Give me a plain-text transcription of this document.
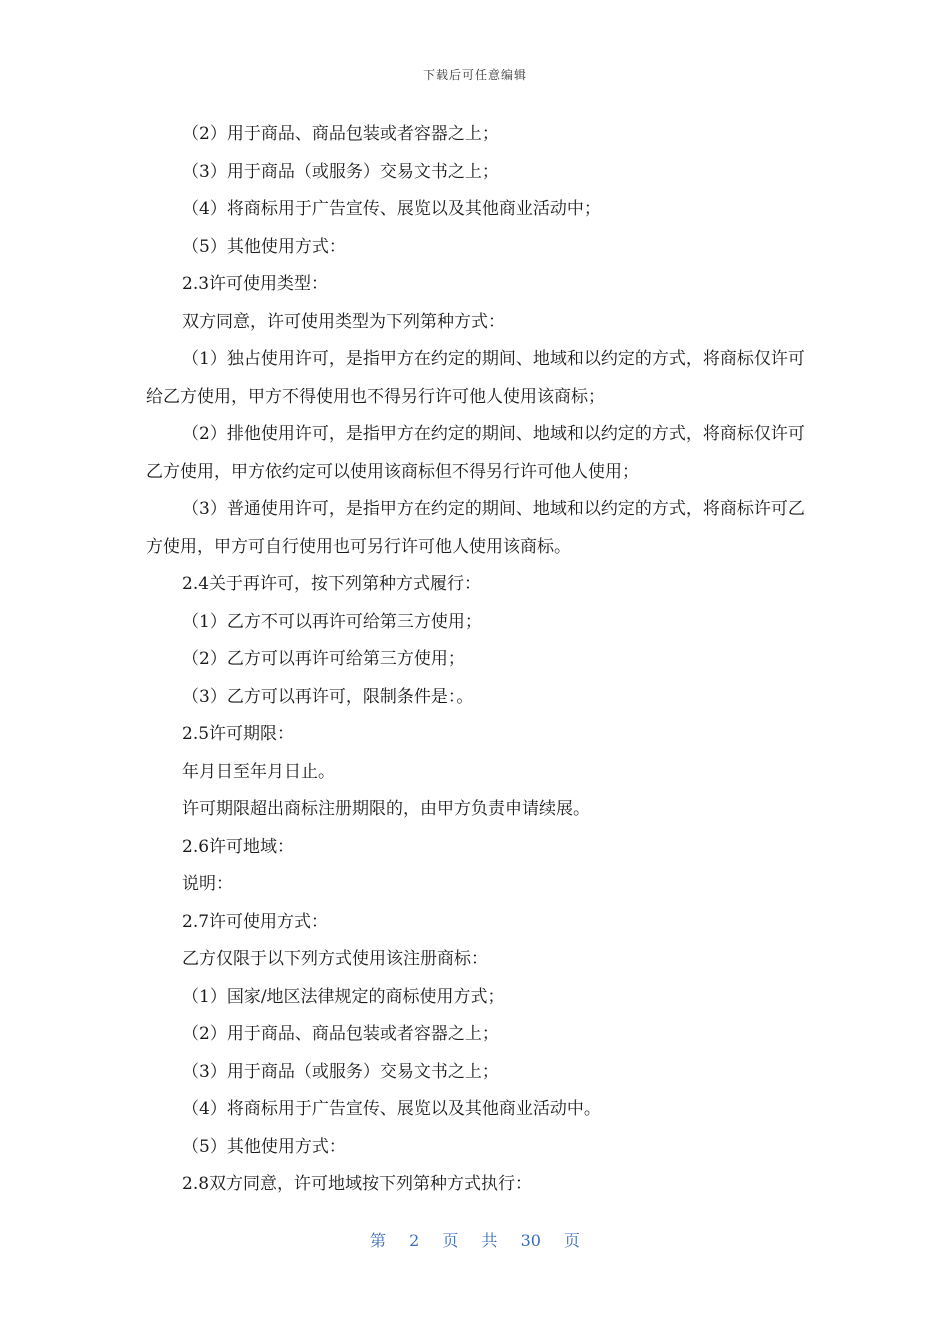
下载后可任意编辑

（2）用于商品、商品包装或者容器之上；

（3）用于商品（或服务）交易文书之上；

（4）将商标用于广告宣传、展览以及其他商业活动中；

（5）其他使用方式：

2.3许可使用类型：

双方同意，许可使用类型为下列第种方式：

（1）独占使用许可，是指甲方在约定的期间、地域和以约定的方式，将商标仅许可给乙方使用，甲方不得使用也不得另行许可他人使用该商标；

（2）排他使用许可，是指甲方在约定的期间、地域和以约定的方式，将商标仅许可乙方使用，甲方依约定可以使用该商标但不得另行许可他人使用；

（3）普通使用许可，是指甲方在约定的期间、地域和以约定的方式，将商标许可乙方使用，甲方可自行使用也可另行许可他人使用该商标。

2.4关于再许可，按下列第种方式履行：

（1）乙方不可以再许可给第三方使用；

（2）乙方可以再许可给第三方使用；

（3）乙方可以再许可，限制条件是：。

2.5许可期限：

年月日至年月日止。

许可期限超出商标注册期限的，由甲方负责申请续展。

2.6许可地域：

说明：

2.7许可使用方式：

乙方仅限于以下列方式使用该注册商标：

（1）国家/地区法律规定的商标使用方式；

（2）用于商品、商品包装或者容器之上；

（3）用于商品（或服务）交易文书之上；

（4）将商标用于广告宣传、展览以及其他商业活动中。

（5）其他使用方式：

2.8双方同意，许可地域按下列第种方式执行：

第 2 页 共 30 页
